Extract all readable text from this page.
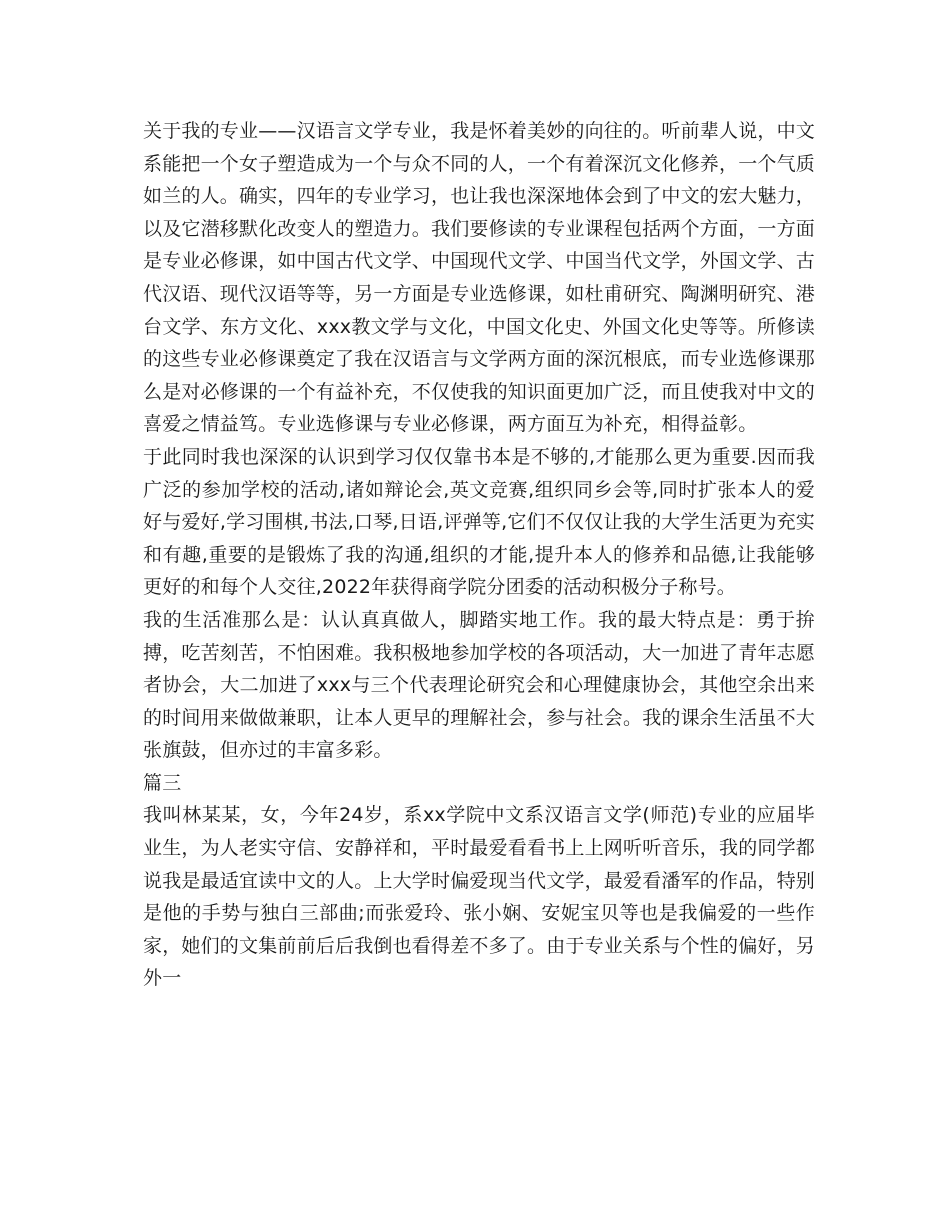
关于我的专业——汉语言文学专业，我是怀着美妙的向往的。听前辈人说，中文系能把一个女子塑造成为一个与众不同的人，一个有着深沉文化修养，一个气质如兰的人。确实，四年的专业学习，也让我也深深地体会到了中文的宏大魅力，以及它潜移默化改变人的塑造力。我们要修读的专业课程包括两个方面，一方面是专业必修课，如中国古代文学、中国现代文学、中国当代文学，外国文学、古代汉语、现代汉语等等，另一方面是专业选修课，如杜甫研究、陶渊明研究、港台文学、东方文化、xxx教文学与文化，中国文化史、外国文化史等等。所修读的这些专业必修课奠定了我在汉语言与文学两方面的深沉根底，而专业选修课那么是对必修课的一个有益补充，不仅使我的知识面更加广泛，而且使我对中文的喜爱之情益笃。专业选修课与专业必修课，两方面互为补充，相得益彰。

于此同时我也深深的认识到学习仅仅靠书本是不够的,才能那么更为重要.因而我广泛的参加学校的活动,诸如辩论会,英文竞赛,组织同乡会等,同时扩张本人的爱好与爱好,学习围棋,书法,口琴,日语,评弹等,它们不仅仅让我的大学生活更为充实和有趣,重要的是锻炼了我的沟通,组织的才能,提升本人的修养和品德,让我能够更好的和每个人交往,2022年获得商学院分团委的活动积极分子称号。

我的生活准那么是：认认真真做人，脚踏实地工作。我的最大特点是：勇于拚搏，吃苦刻苦，不怕困难。我积极地参加学校的各项活动，大一加进了青年志愿者协会，大二加进了xxx与三个代表理论研究会和心理健康协会，其他空余出来的时间用来做做兼职，让本人更早的理解社会，参与社会。我的课余生活虽不大张旗鼓，但亦过的丰富多彩。

篇三

我叫林某某，女，今年24岁，系xx学院中文系汉语言文学(师范)专业的应届毕业生，为人老实守信、安静祥和，平时最爱看看书上上网听听音乐，我的同学都说我是最适宜读中文的人。上大学时偏爱现当代文学，最爱看潘军的作品，特别是他的手势与独白三部曲;而张爱玲、张小娴、安妮宝贝等也是我偏爱的一些作家，她们的文集前前后后我倒也看得差不多了。由于专业关系与个性的偏好，另外一
